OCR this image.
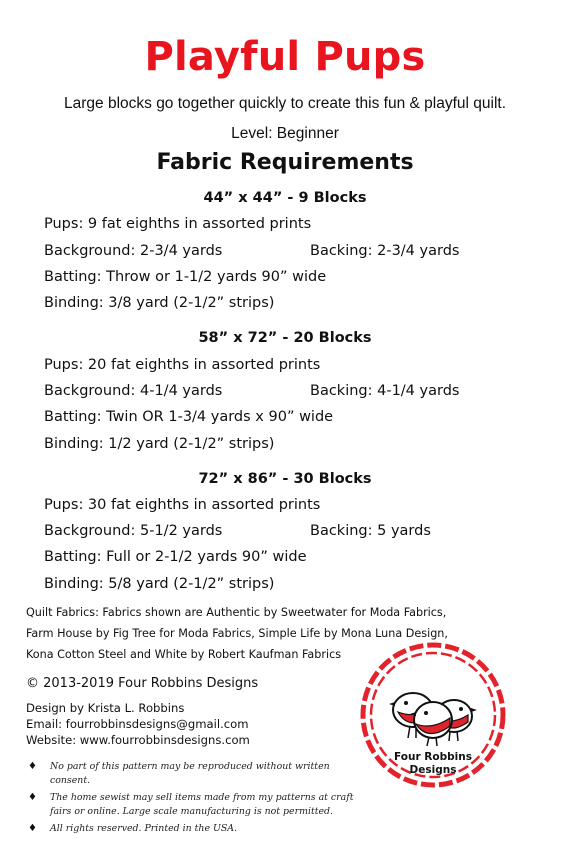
Playful Pups
Large blocks go together quickly to create this fun & playful quilt.
Level: Beginner
Fabric Requirements
44” x 44” - 9 Blocks
Pups: 9 fat eighths in assorted prints
Background: 2-3/4 yards	Backing: 2-3/4 yards
Batting: Throw or 1-1/2 yards 90” wide
Binding: 3/8 yard (2-1/2” strips)
58” x 72” - 20 Blocks
Pups: 20 fat eighths in assorted prints
Background: 4-1/4 yards	Backing: 4-1/4 yards
Batting: Twin OR 1-3/4 yards x 90” wide
Binding: 1/2 yard (2-1/2” strips)
72” x 86” - 30 Blocks
Pups: 30 fat eighths in assorted prints
Background: 5-1/2 yards	Backing: 5 yards
Batting: Full or 2-1/2 yards 90” wide
Binding: 5/8 yard (2-1/2” strips)
Quilt Fabrics: Fabrics shown are Authentic by Sweetwater for Moda Fabrics,
Farm House by Fig Tree for Moda Fabrics, Simple Life by Mona Luna Design,
Kona Cotton Steel and White by Robert Kaufman Fabrics
© 2013-2019 Four Robbins Designs
Design by Krista L. Robbins
Email: fourrobbinsdesigns@gmail.com
Website: www.fourrobbinsdesigns.com
♦ No part of this pattern may be reproduced without written consent.
♦ The home sewist may sell items made from my patterns at craft fairs or online. Large scale manufacturing is not permitted.
♦ All rights reserved. Printed in the USA.
Four Robbins
Designs
